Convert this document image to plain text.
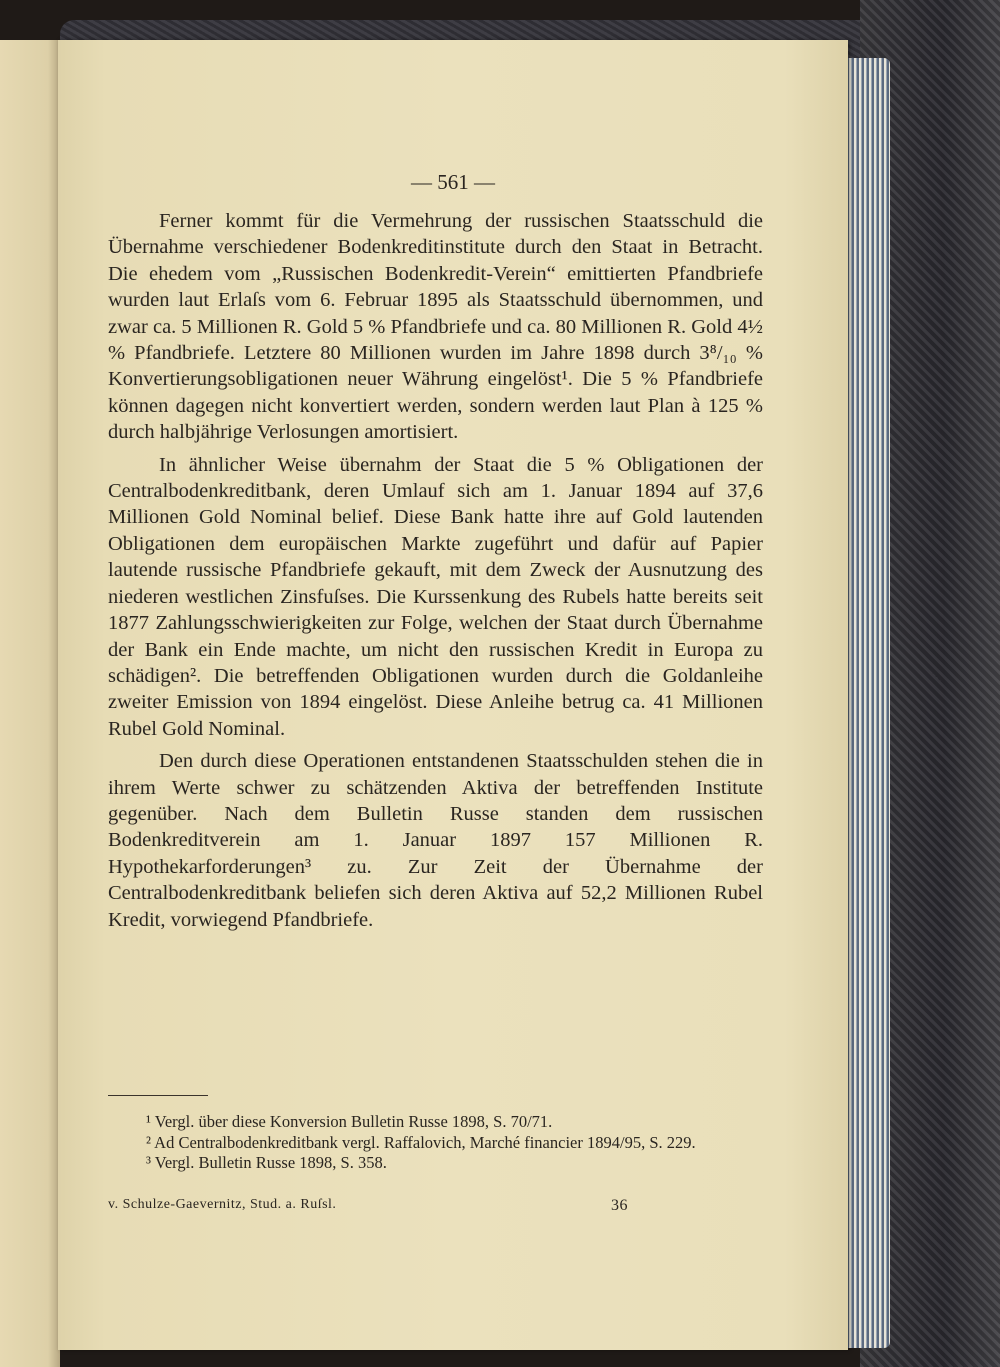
— 561 —

Ferner kommt für die Vermehrung der russischen Staatsschuld die Übernahme verschiedener Bodenkreditinstitute durch den Staat in Betracht. Die ehedem vom „Russischen Bodenkredit-Verein“ emittierten Pfandbriefe wurden laut Erlaſs vom 6. Februar 1895 als Staatsschuld übernommen, und zwar ca. 5 Millionen R. Gold 5 % Pfandbriefe und ca. 80 Millionen R. Gold 4½ % Pfandbriefe. Letztere 80 Millionen wurden im Jahre 1898 durch 3⁸/₁₀ % Konvertierungsobligationen neuer Währung eingelöst¹. Die 5 % Pfandbriefe können dagegen nicht konvertiert werden, sondern werden laut Plan à 125 % durch halbjährige Verlosungen amortisiert.

In ähnlicher Weise übernahm der Staat die 5 % Obligationen der Centralbodenkreditbank, deren Umlauf sich am 1. Januar 1894 auf 37,6 Millionen Gold Nominal belief. Diese Bank hatte ihre auf Gold lautenden Obligationen dem europäischen Markte zugeführt und dafür auf Papier lautende russische Pfandbriefe gekauft, mit dem Zweck der Ausnutzung des niederen westlichen Zinsfuſses. Die Kurssenkung des Rubels hatte bereits seit 1877 Zahlungsschwierigkeiten zur Folge, welchen der Staat durch Übernahme der Bank ein Ende machte, um nicht den russischen Kredit in Europa zu schädigen². Die betreffenden Obligationen wurden durch die Goldanleihe zweiter Emission von 1894 eingelöst. Diese Anleihe betrug ca. 41 Millionen Rubel Gold Nominal.

Den durch diese Operationen entstandenen Staatsschulden stehen die in ihrem Werte schwer zu schätzenden Aktiva der betreffenden Institute gegenüber. Nach dem Bulletin Russe standen dem russischen Bodenkreditverein am 1. Januar 1897 157 Millionen R. Hypothekarforderungen³ zu. Zur Zeit der Übernahme der Centralbodenkreditbank beliefen sich deren Aktiva auf 52,2 Millionen Rubel Kredit, vorwiegend Pfandbriefe.

¹ Vergl. über diese Konversion Bulletin Russe 1898, S. 70/71.

² Ad Centralbodenkreditbank vergl. Raffalovich, Marché financier 1894/95, S. 229.

³ Vergl. Bulletin Russe 1898, S. 358.

v. Schulze-Gaevernitz, Stud. a. Ruſsl.	36
